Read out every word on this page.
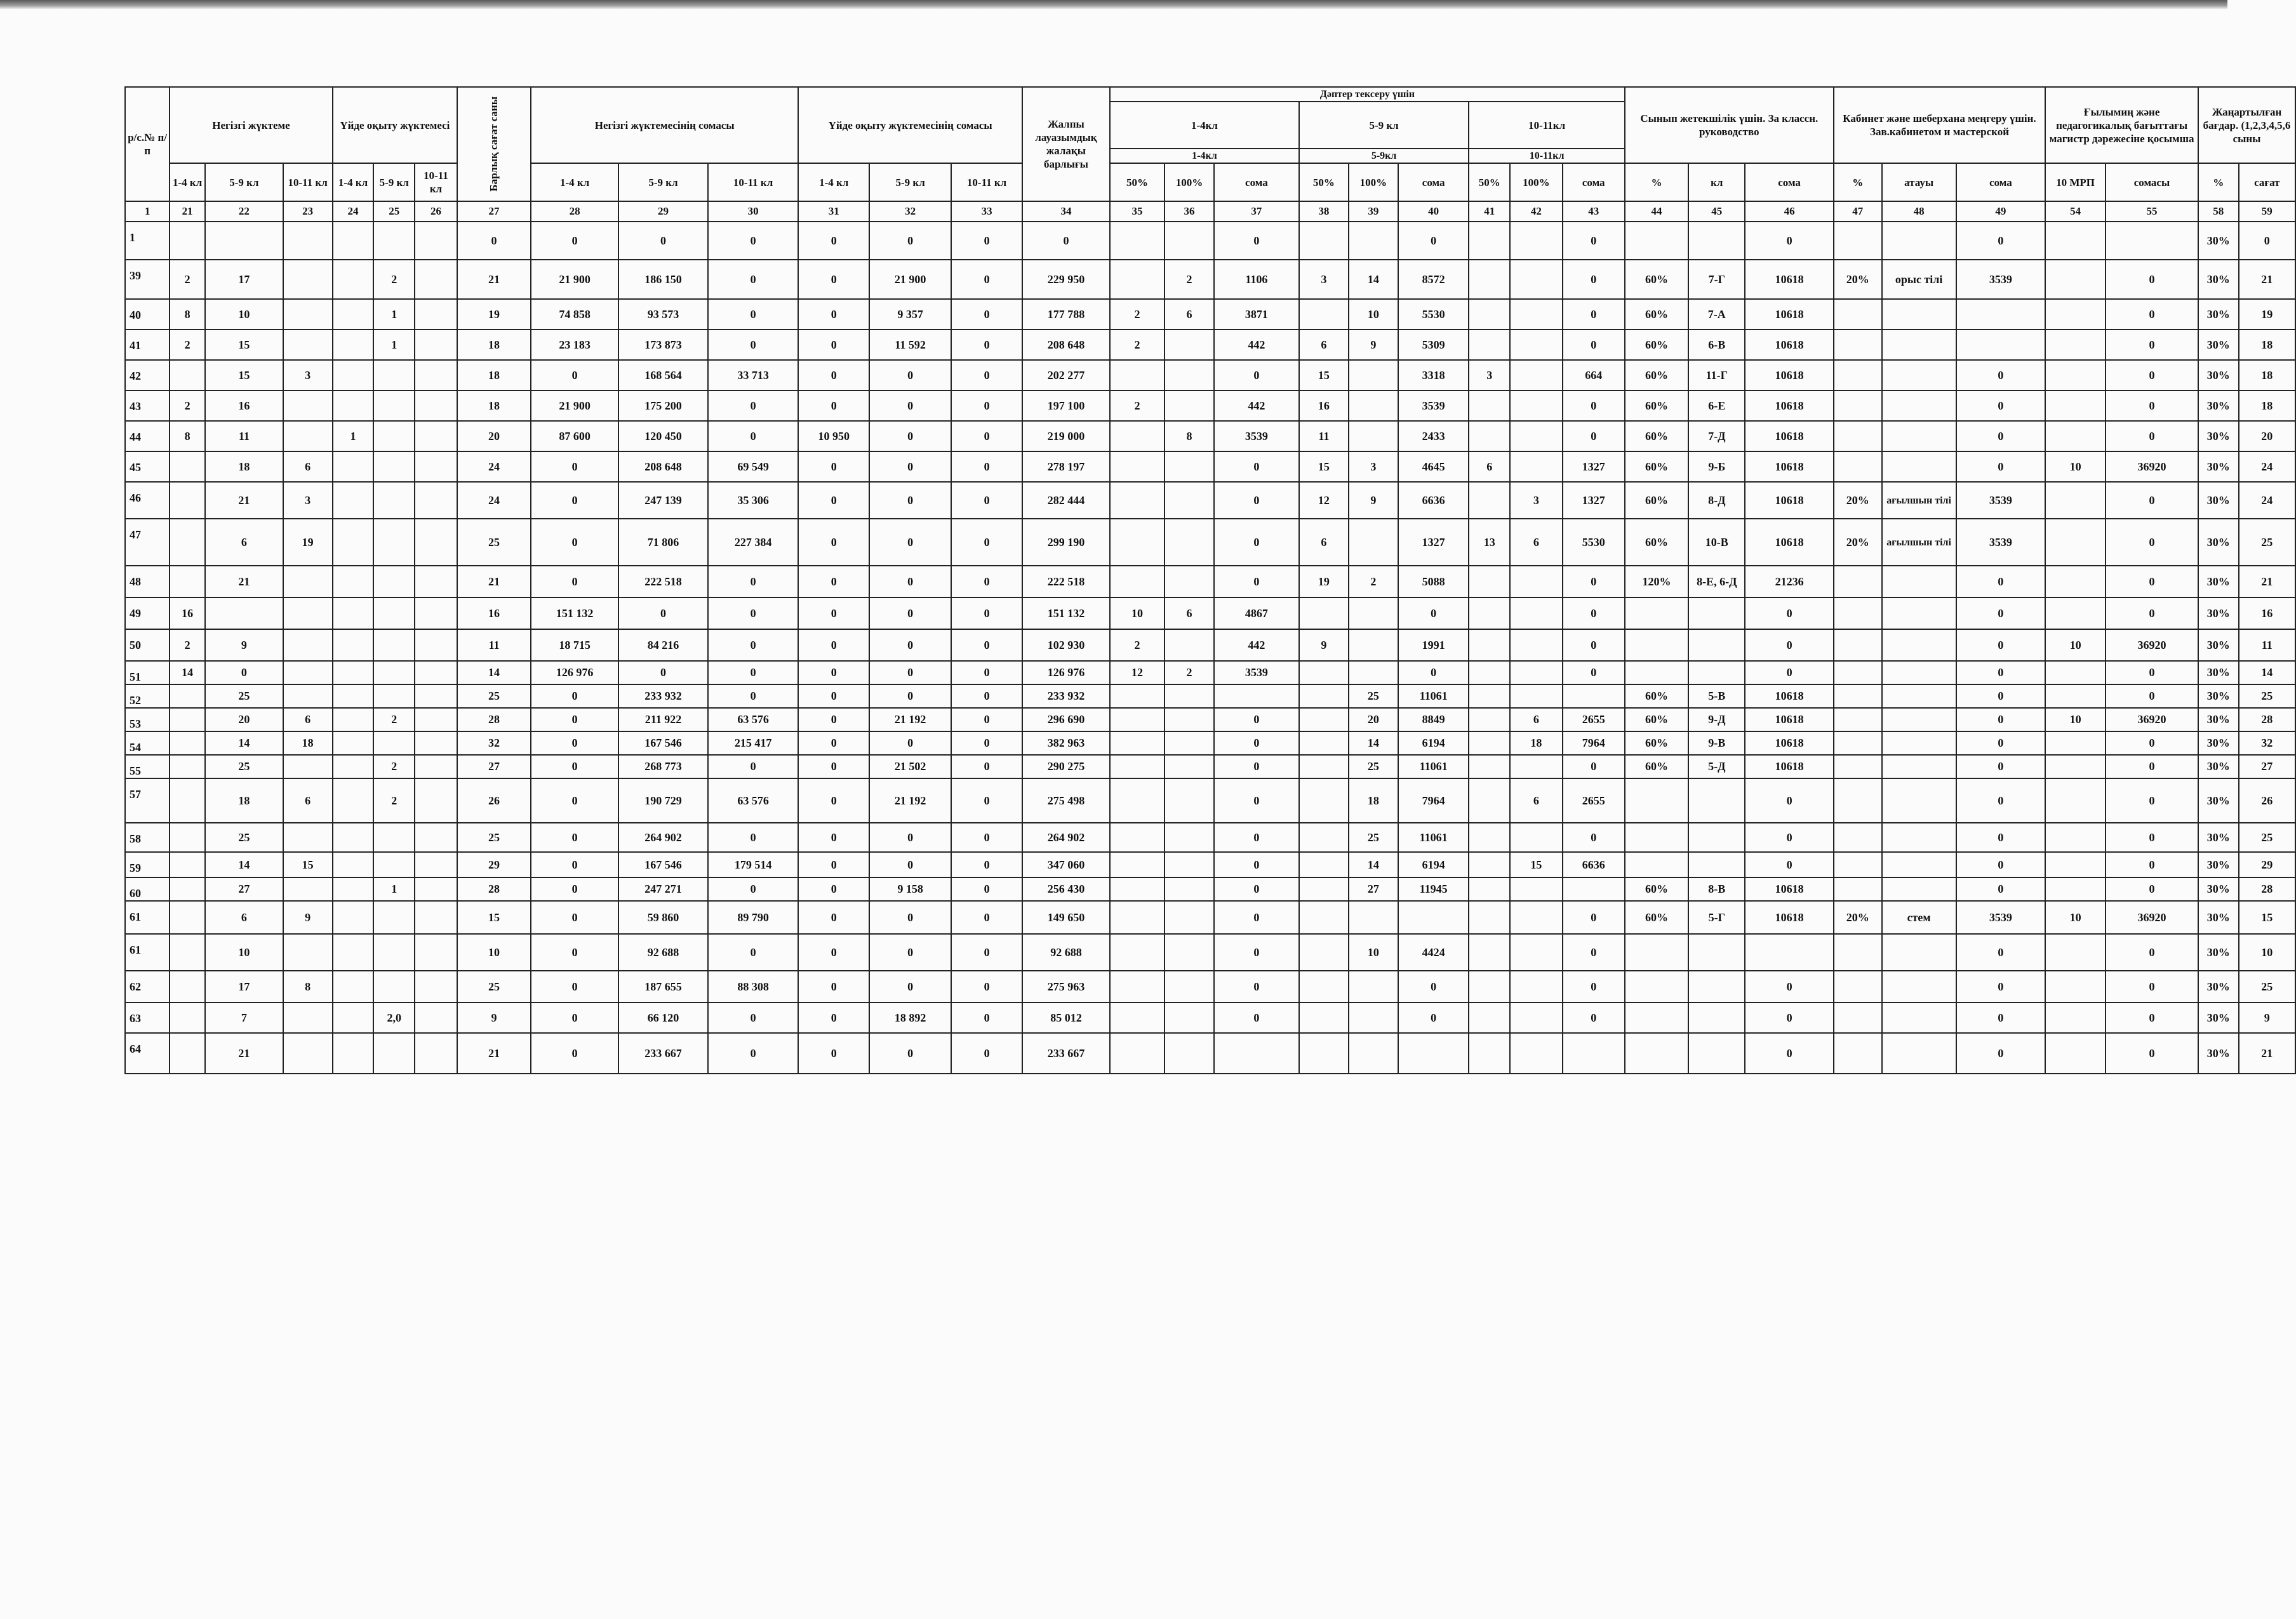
р/с.№ п/п	Негізгі жүктеме			Үйде оқыту жүктемесі			Барлық сағат саны	Негізгі жүктемесінің сомасы			Үйде оқыту жүктемесінің сомасы			Жалпы лауазымдық жалақы барлығы	Дәптер тексеру үшін									Сынып жетекшілік үшін. За классн. руководство			Кабинет және шеберхана меңгеру үшін. Зав.кабинетом и мастерской			Ғылымиң және педагогикалық бағыттағы магистр дәрежесіне қосымша		Жаңартылған бағдар. (1,2,3,4,5,6 сыны	
															1-4кл			5-9 кл			10-11кл												
															1-4кл			5-9кл			10-11кл												
	1-4 кл	5-9 кл	10-11 кл	1-4 кл	5-9 кл	10-11 кл		1-4 кл	5-9 кл	10-11 кл	1-4 кл	5-9 кл	10-11 кл		50%	100%	сома	50%	100%	сома	50%	100%	сома	%	кл	сома	%	атауы	сома	10 МРП	сомасы	%	сағат
1	21	22	23	24	25	26	27	28	29	30	31	32	33	34	35	36	37	38	39	40	41	42	43	44	45	46	47	48	49	54	55	58	59
1							0	0	0	0	0	0	0	0			0			0			0			0			0			30%	0
39	2	17			2		21	21 900	186 150	0	0	21 900	0	229 950		2	1106	3	14	8572			0	60%	7-Г	10618	20%	орыс тілі	3539		0	30%	21
40	8	10			1		19	74 858	93 573	0	0	9 357	0	177 788	2	6	3871		10	5530			0	60%	7-А	10618					0	30%	19
41	2	15			1		18	23 183	173 873	0	0	11 592	0	208 648	2		442	6	9	5309			0	60%	6-В	10618					0	30%	18
42		15	3				18	0	168 564	33 713	0	0	0	202 277			0	15		3318	3		664	60%	11-Г	10618			0		0	30%	18
43	2	16					18	21 900	175 200	0	0	0	0	197 100	2		442	16		3539			0	60%	6-Е	10618			0		0	30%	18
44	8	11		1			20	87 600	120 450	0	10 950	0	0	219 000		8	3539	11		2433			0	60%	7-Д	10618			0		0	30%	20
45		18	6				24	0	208 648	69 549	0	0	0	278 197			0	15	3	4645	6		1327	60%	9-Б	10618			0	10	36920	30%	24
46		21	3				24	0	247 139	35 306	0	0	0	282 444			0	12	9	6636		3	1327	60%	8-Д	10618	20%	ағылшын тілі	3539		0	30%	24
47		6	19				25	0	71 806	227 384	0	0	0	299 190			0	6		1327	13	6	5530	60%	10-В	10618	20%	ағылшын тілі	3539		0	30%	25
48		21					21	0	222 518	0	0	0	0	222 518			0	19	2	5088			0	120%	8-Е, 6-Д	21236			0		0	30%	21
49	16						16	151 132	0	0	0	0	0	151 132	10	6	4867			0			0			0			0		0	30%	16
50	2	9					11	18 715	84 216	0	0	0	0	102 930	2		442	9		1991			0			0			0	10	36920	30%	11
51	14	0					14	126 976	0	0	0	0	0	126 976	12	2	3539			0			0			0			0		0	30%	14
52		25					25	0	233 932	0	0	0	0	233 932					25	11061				60%	5-В	10618			0		0	30%	25
53		20	6		2		28	0	211 922	63 576	0	21 192	0	296 690			0		20	8849		6	2655	60%	9-Д	10618			0	10	36920	30%	28
54		14	18				32	0	167 546	215 417	0	0	0	382 963			0		14	6194		18	7964	60%	9-В	10618			0		0	30%	32
55		25			2		27	0	268 773	0	0	21 502	0	290 275			0		25	11061			0	60%	5-Д	10618			0		0	30%	27
57		18	6		2		26	0	190 729	63 576	0	21 192	0	275 498			0		18	7964		6	2655			0			0		0	30%	26
58		25					25	0	264 902	0	0	0	0	264 902			0		25	11061			0			0			0		0	30%	25
59		14	15				29	0	167 546	179 514	0	0	0	347 060			0		14	6194		15	6636			0			0		0	30%	29
60		27			1		28	0	247 271	0	0	9 158	0	256 430			0		27	11945				60%	8-В	10618			0		0	30%	28
61		6	9				15	0	59 860	89 790	0	0	0	149 650			0						0	60%	5-Г	10618	20%	стем	3539	10	36920	30%	15
61		10					10	0	92 688	0	0	0	0	92 688			0		10	4424			0						0		0	30%	10
62		17	8				25	0	187 655	88 308	0	0	0	275 963			0			0			0			0			0		0	30%	25
63		7			2,0		9	0	66 120	0	0	18 892	0	85 012			0			0			0			0			0		0	30%	9
64		21					21	0	233 667	0	0	0	0	233 667												0			0		0	30%	21
